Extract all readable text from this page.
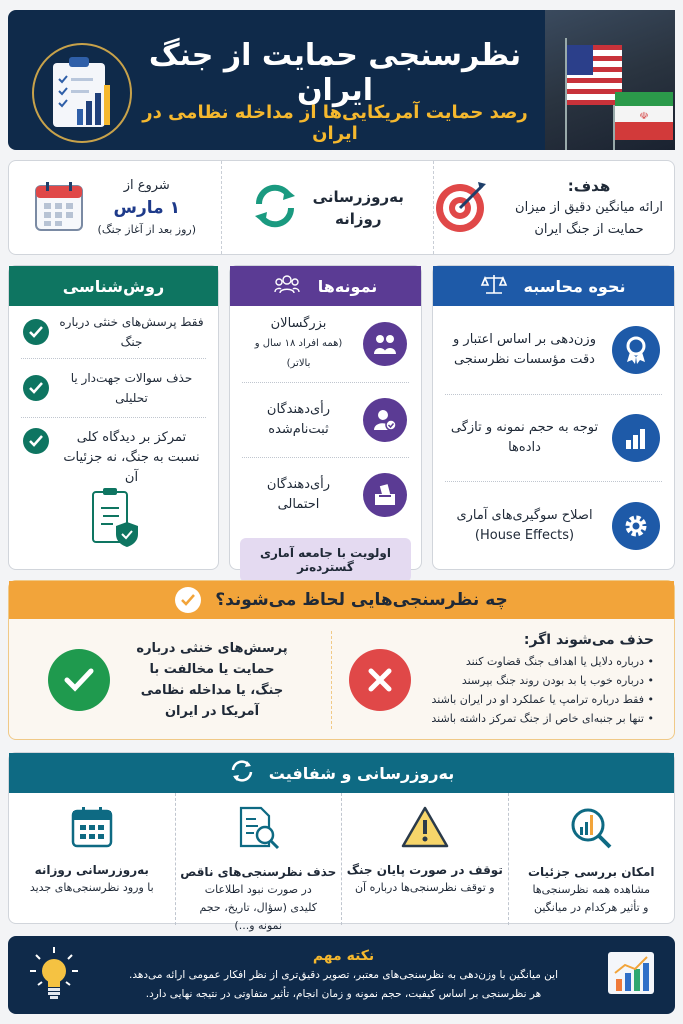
☫
نظرسنجی حمایت از جنگ ایران
رصد حمایت آمریکایی‌ها از مداخله نظامی در ایران
هدف:
ارائه میانگین دقیق از میزان حمایت از جنگ ایران
به‌روزرسانی
روزانه
شروع از
۱ مارس
(روز بعد از آغاز جنگ)
نحوه محاسبه
وزن‌دهی بر اساس اعتبار و دقت مؤسسات نظرسنجی
توجه به حجم نمونه و تازگی داده‌ها
اصلاح سوگیری‌های آماری (House Effects)
نمونه‌ها
بزرگسالان
(همه افراد ۱۸ سال و بالاتر)
رأی‌دهندگان ثبت‌نام‌شده
رأی‌دهندگان احتمالی
اولویت با جامعه آماری گسترده‌تر
روش‌شناسی
فقط پرسش‌های خنثی درباره جنگ
حذف سوالات جهت‌دار یا تحلیلی
تمرکز بر دیدگاه کلی نسبت به جنگ، نه جزئیات آن
چه نظرسنجی‌هایی لحاظ می‌شوند؟
حذف می‌شوند اگر:
• درباره دلایل یا اهداف جنگ قضاوت کنند
• درباره خوب یا بد بودن روند جنگ بپرسند
• فقط درباره ترامپ یا عملکرد او در ایران باشند
• تنها بر جنبه‌ای خاص از جنگ تمرکز داشته باشند
پرسش‌های خنثی درباره حمایت یا مخالفت با جنگ، یا مداخله نظامی آمریکا در ایران
به‌روزرسانی و شفافیت
امکان بررسی جزئیات
مشاهده همه نظرسنجی‌ها و تأثیر هرکدام در میانگین
توقف در صورت پایان جنگ
و توقف نظرسنجی‌ها درباره آن
حذف نظرسنجی‌های ناقص
در صورت نبود اطلاعات کلیدی (سؤال، تاریخ، حجم نمونه و...)
به‌روزرسانی روزانه
با ورود نظرسنجی‌های جدید
نکته مهم
این میانگین با وزن‌دهی به نظرسنجی‌های معتبر، تصویر دقیق‌تری از نظر افکار عمومی ارائه می‌دهد.
هر نظرسنجی بر اساس کیفیت، حجم نمونه و زمان انجام، تأثیر متفاوتی در نتیجه نهایی دارد.
